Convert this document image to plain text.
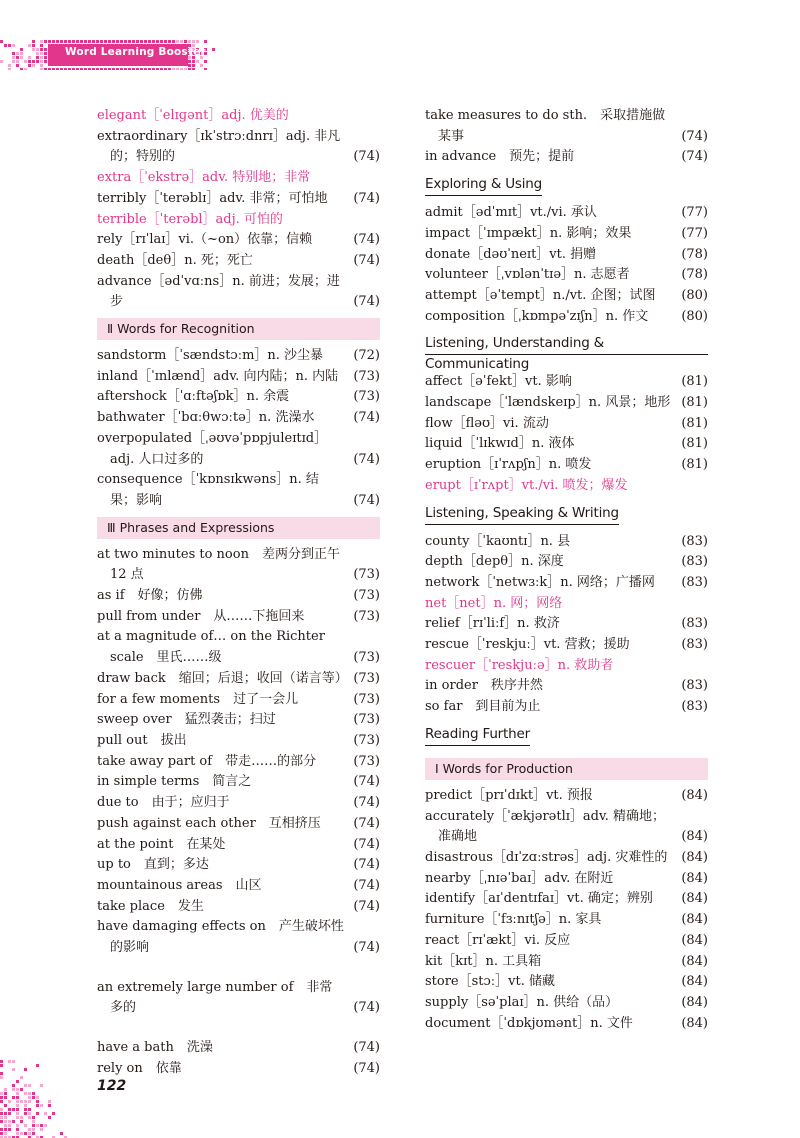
Word Learning Booster
elegant［ˈelɪɡənt］adj. 优美的
extraordinary［ɪkˈstrɔːdnrɪ］adj. 非凡的；特别的	(74)
extra［ˈekstrə］adv. 特别地；非常
terribly［ˈterəblɪ］adv. 非常；可怕地	(74)
terrible［ˈterəbl］adj. 可怕的
rely［rɪˈlaɪ］vi.（~on）依靠；信赖	(74)
death［deθ］n. 死；死亡	(74)
advance［ədˈvɑːns］n. 前进；发展；进步	(74)
Ⅱ Words for Recognition
sandstorm［ˈsændstɔːm］n. 沙尘暴	(72)
inland［ˈɪnlænd］adv. 向内陆；n. 内陆	(73)
aftershock［ˈɑːftəʃɒk］n. 余震	(73)
bathwater［ˈbɑːθwɔːtə］n. 洗澡水	(74)
overpopulated［ˌəʊvəˈpɒpjuleɪtɪd］adj. 人口过多的	(74)
consequence［ˈkɒnsɪkwəns］n. 结果；影响	(74)
Ⅲ Phrases and Expressions
at two minutes to noon　差两分到正午 12 点	(73)
as if　好像；仿佛	(73)
pull from under　从……下拖回来	(73)
at a magnitude of… on the Richter scale　里氏……级	(73)
draw back　缩回；后退；收回（诺言等） (73)
for a few moments　过了一会儿	(73)
sweep over　猛烈袭击；扫过	(73)
pull out　拔出	(73)
take away part of　带走……的部分	(73)
in simple terms　简言之	(74)
due to　由于；应归于	(74)
push against each other　互相挤压	(74)
at the point　在某处	(74)
up to　直到；多达	(74)
mountainous areas　山区	(74)
take place　发生	(74)
have damaging effects on　产生破坏性的影响	(74)
an extremely large number of　非常多的	(74)
have a bath　洗澡	(74)
rely on　依靠	(74)
take measures to do sth.　采取措施做某事	(74)
in advance　预先；提前	(74)
Exploring & Using
admit［ədˈmɪt］vt./vi. 承认	(77)
impact［ˈɪmpækt］n. 影响；效果	(77)
donate［dəʊˈneɪt］vt. 捐赠	(78)
volunteer［ˌvɒlənˈtɪə］n. 志愿者	(78)
attempt［əˈtempt］n./vt. 企图；试图	(80)
composition［ˌkɒmpəˈzɪʃn］n. 作文	(80)
Listening, Understanding & Communicating
affect［əˈfekt］vt. 影响	(81)
landscape［ˈlændskeɪp］n. 风景；地形 (81)
flow［fləʊ］vi. 流动	(81)
liquid［ˈlɪkwɪd］n. 液体	(81)
eruption［ɪˈrʌpʃn］n. 喷发	(81)
erupt［ɪˈrʌpt］vt./vi. 喷发；爆发
Listening, Speaking & Writing
county［ˈkaʊntɪ］n. 县	(83)
depth［depθ］n. 深度	(83)
network［ˈnetwɜːk］n. 网络；广播网	(83)
net［net］n. 网；网络
relief［rɪˈliːf］n. 救济	(83)
rescue［ˈreskjuː］vt. 营救；援助	(83)
rescuer［ˈreskjuːə］n. 救助者
in order　秩序井然	(83)
so far　到目前为止	(83)
Reading Further
Ⅰ Words for Production
predict［prɪˈdɪkt］vt. 预报	(84)
accurately［ˈækjərətlɪ］adv. 精确地；准确地	(84)
disastrous［dɪˈzɑːstrəs］adj. 灾难性的	(84)
nearby［ˌnɪəˈbaɪ］adv. 在附近	(84)
identify［aɪˈdentɪfaɪ］vt. 确定；辨别	(84)
furniture［ˈfɜːnɪtʃə］n. 家具	(84)
react［rɪˈækt］vi. 反应	(84)
kit［kɪt］n. 工具箱	(84)
store［stɔː］vt. 储藏	(84)
supply［səˈplaɪ］n. 供给（品）	(84)
document［ˈdɒkjʊmənt］n. 文件	(84)
122
